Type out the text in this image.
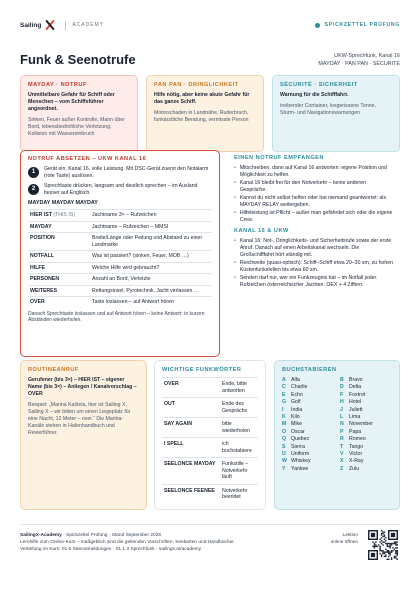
Sailing	ACADEMY	SPICKZETTEL PRÜFUNG
Funk & Seenotrufe	UKW-Sprechfunk, Kanal 16
MAYDAY · PAN PAN · SÉCURITÉ
MAYDAY · NOTRUF
Unmittelbare Gefahr für Schiff oder Menschen – vom Schiffsführer angeordnet.
Sinken, Feuer außer Kontrolle, Mann über Bord, lebensbedrohliche Verletzung, Kollision mit Wassereinbruch
PAN PAN · DRINGLICHKEIT
Hilfe nötig, aber keine akute Gefahr für das ganze Schiff.
Motorschaden in Landnähe, Ruderbruch, funkärztliche Beratung, vermisste Person
SÉCURITÉ · SICHERHEIT
Warnung für die Schifffahrt.
treibender Container, losgerissene Tonne, Sturm- und Navigationswarnungen
NOTRUF ABSETZEN – UKW KANAL 16
1	Gerät ein, Kanal 16, volle Leistung. Mit DSC-Gerät zuerst den Notalarm (rote Taste) auslösen.
2	Sprechtaste drücken, langsam und deutlich sprechen – im Ausland besser auf Englisch.
MAYDAY MAYDAY MAYDAY
HIER IST (THIS IS)	Jachtname 3× – Rufzeichen
MAYDAY	Jachtname – Rufzeichen – MMSI
POSITION	Breite/Länge oder Peilung und Abstand zu einer Landmarke
NOTFALL	Was ist passiert? (sinken, Feuer, MOB …)
HILFE	Welche Hilfe wird gebraucht?
PERSONEN	Anzahl an Bord, Verletzte
WEITERES	Rettungsinsel, Pyrotechnik, Jacht verlassen …
OVER	Taste loslassen – auf Antwort hören
Danach Sprechtaste loslassen und auf Antwort hören – keine Antwort: in kurzen Abständen wiederholen.
EINEN NOTRUF EMPFANGEN
• Mitschreiben, dann auf Kanal 16 antworten: eigene Position und Möglichkeit zu helfen.
• Kanal 16 bleibt frei für den Notverkehr – keine anderen Gespräche.
• Kannst du nicht selbst helfen oder hat niemand geantwortet: als MAYDAY RELAY weitergeben.
• Hilfeleistung ist Pflicht – außer man gefährdet sich oder die eigene Crew.
KANAL 16 & UKW
• Kanal 16: Not-, Dringlichkeits- und Sicherheitsrufe sowie der erste Anruf. Danach auf einen Arbeitskanal wechseln. Die Großschifffahrt hört ständig mit.
• Reichweite (quasi-optisch): Schiff–Schiff etwa 20–30 sm, zu hohen Küstenfunkstellen bis etwa 60 sm.
• Senden darf nur, wer ein Funkzeugnis hat – im Notfall jeder. Rufzeichen österreichischer Jachten: OEX + 4 Ziffern.
ROUTINEANRUF
Gerufener (bis 3×) – HIER IST – eigener Name (bis 3×) – Anliegen / Kanalvorschlag – OVER
Beispiel: „Marina Kaštela, hier ist Sailing X, Sailing X – wir bitten um einen Liegeplatz für eine Nacht, 12 Meter – over.“ Die Marina-Kanäle stehen in Hafenhandbuch und Revierführer.
WICHTIGE FUNKWÖRTER
OVER	Ende, bitte antworten
OUT	Ende des Gesprächs
SAY AGAIN	bitte wiederholen
I SPELL	ich buchstabiere
SEELONCE MAYDAY	Funkstille – Notverkehr läuft
SEELONCE FEENEE	Notverkehr beendet
BUCHSTABIEREN
A	Alfa	B	Bravo
C	Charlie	D	Delta
E	Echo	F	Foxtrot
G Golf	H	Hotel
I	India	J	Juliett
K	Kilo	L	Lima
M Mike	N	November
O Oscar	P	Papa
Q Quebec	R	Romeo
S	Sierra	T	Tango
U	Uniform	V	Victor
W Whiskey	X	X-Ray
Y	Yankee	Z	Zulu
SailingX-Academy · Spickzettel Prüfung · Stand September 2026
Lernhilfe zum Online-Kurs – maßgeblich sind die geltenden Vorschriften, Seekarten und Handbücher.
Vertiefung im Kurs: 01.5 Seenotmeldungen · 01.1.3 Sprechfunk · sailingx.at/academy
Lektion
online öffnen
